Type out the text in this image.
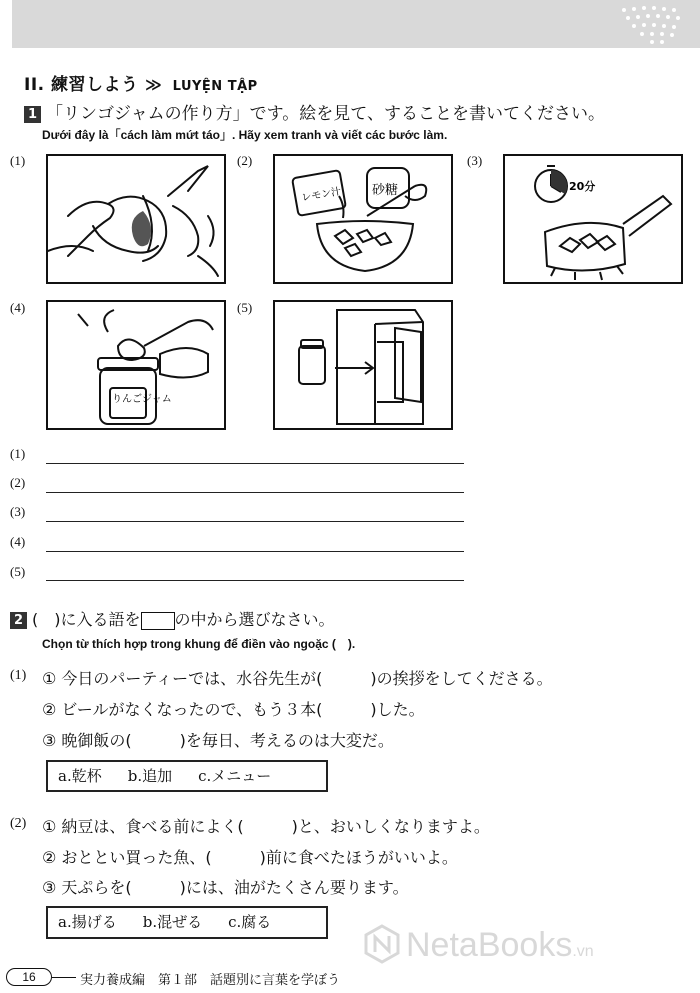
II. 練習しよう ≫ LUYỆN TẬP
1 「リンゴジャムの作り方」です。絵を見て、することを書いてください。
Dưới đây là「cách làm mứt táo」. Hãy xem tranh và viết các bước làm.
(1)	(2)	(3)
(4)	(5)
レモン汁 砂糖	20分
りんごジャム
(1)
(2)
(3)
(4)
(5)
2 (　)に入る語を の中から選びなさい。
Chọn từ thích hợp trong khung để điền vào ngoặc (　).
(1) ① 今日のパーティーでは、水谷先生が(　　　)の挨拶をしてくださる。
② ビールがなくなったので、もう３本(　　　)した。
③ 晩御飯の(　　　)を毎日、考えるのは大変だ。
a.乾杯 b.追加 c.メニュー
(2) ① 納豆は、食べる前によく(　　　)と、おいしくなりますよ。
② おととい買った魚、(　　　)前に食べたほうがいいよ。
③ 天ぷらを(　　　)には、油がたくさん要ります。
a.揚げる b.混ぜる c.腐る
NetaBooks.vn
16	実力養成編　第１部　話題別に言葉を学ぼう
